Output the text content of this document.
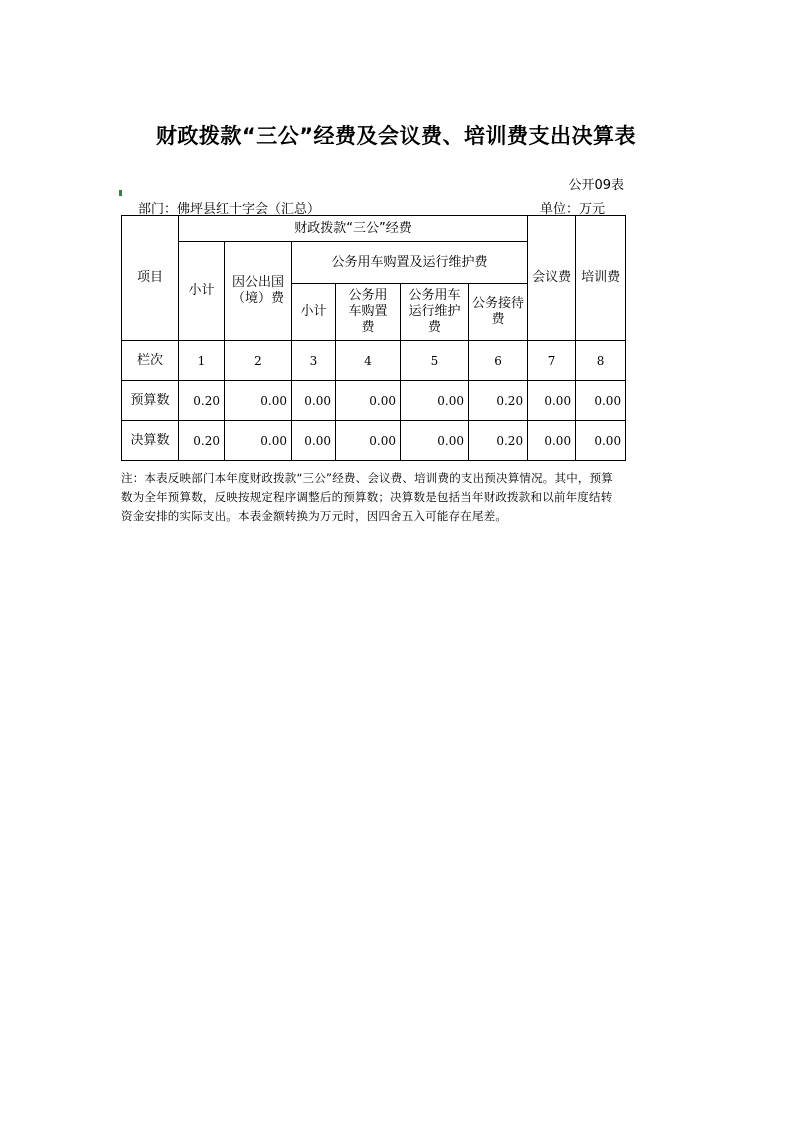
财政拨款“三公”经费及会议费、培训费支出决算表
公开09表
部门：佛坪县红十字会（汇总）	单位：万元
项目	财政拨款“三公”经费						会议费	培训费
	小计	因公出国（境）费	公务用车购置及运行维护费					
			小计	公务用车购置费	公务用车运行维护费	公务接待费		
栏次	1	2	3	4	5	6	7	8
预算数	0.20	0.00	0.00	0.00	0.00	0.20	0.00	0.00
决算数	0.20	0.00	0.00	0.00	0.00	0.20	0.00	0.00
注：本表反映部门本年度财政拨款“三公”经费、会议费、培训费的支出预决算情况。其中，预算数为全年预算数，反映按规定程序调整后的预算数；决算数是包括当年财政拨款和以前年度结转资金安排的实际支出。本表金额转换为万元时，因四舍五入可能存在尾差。
